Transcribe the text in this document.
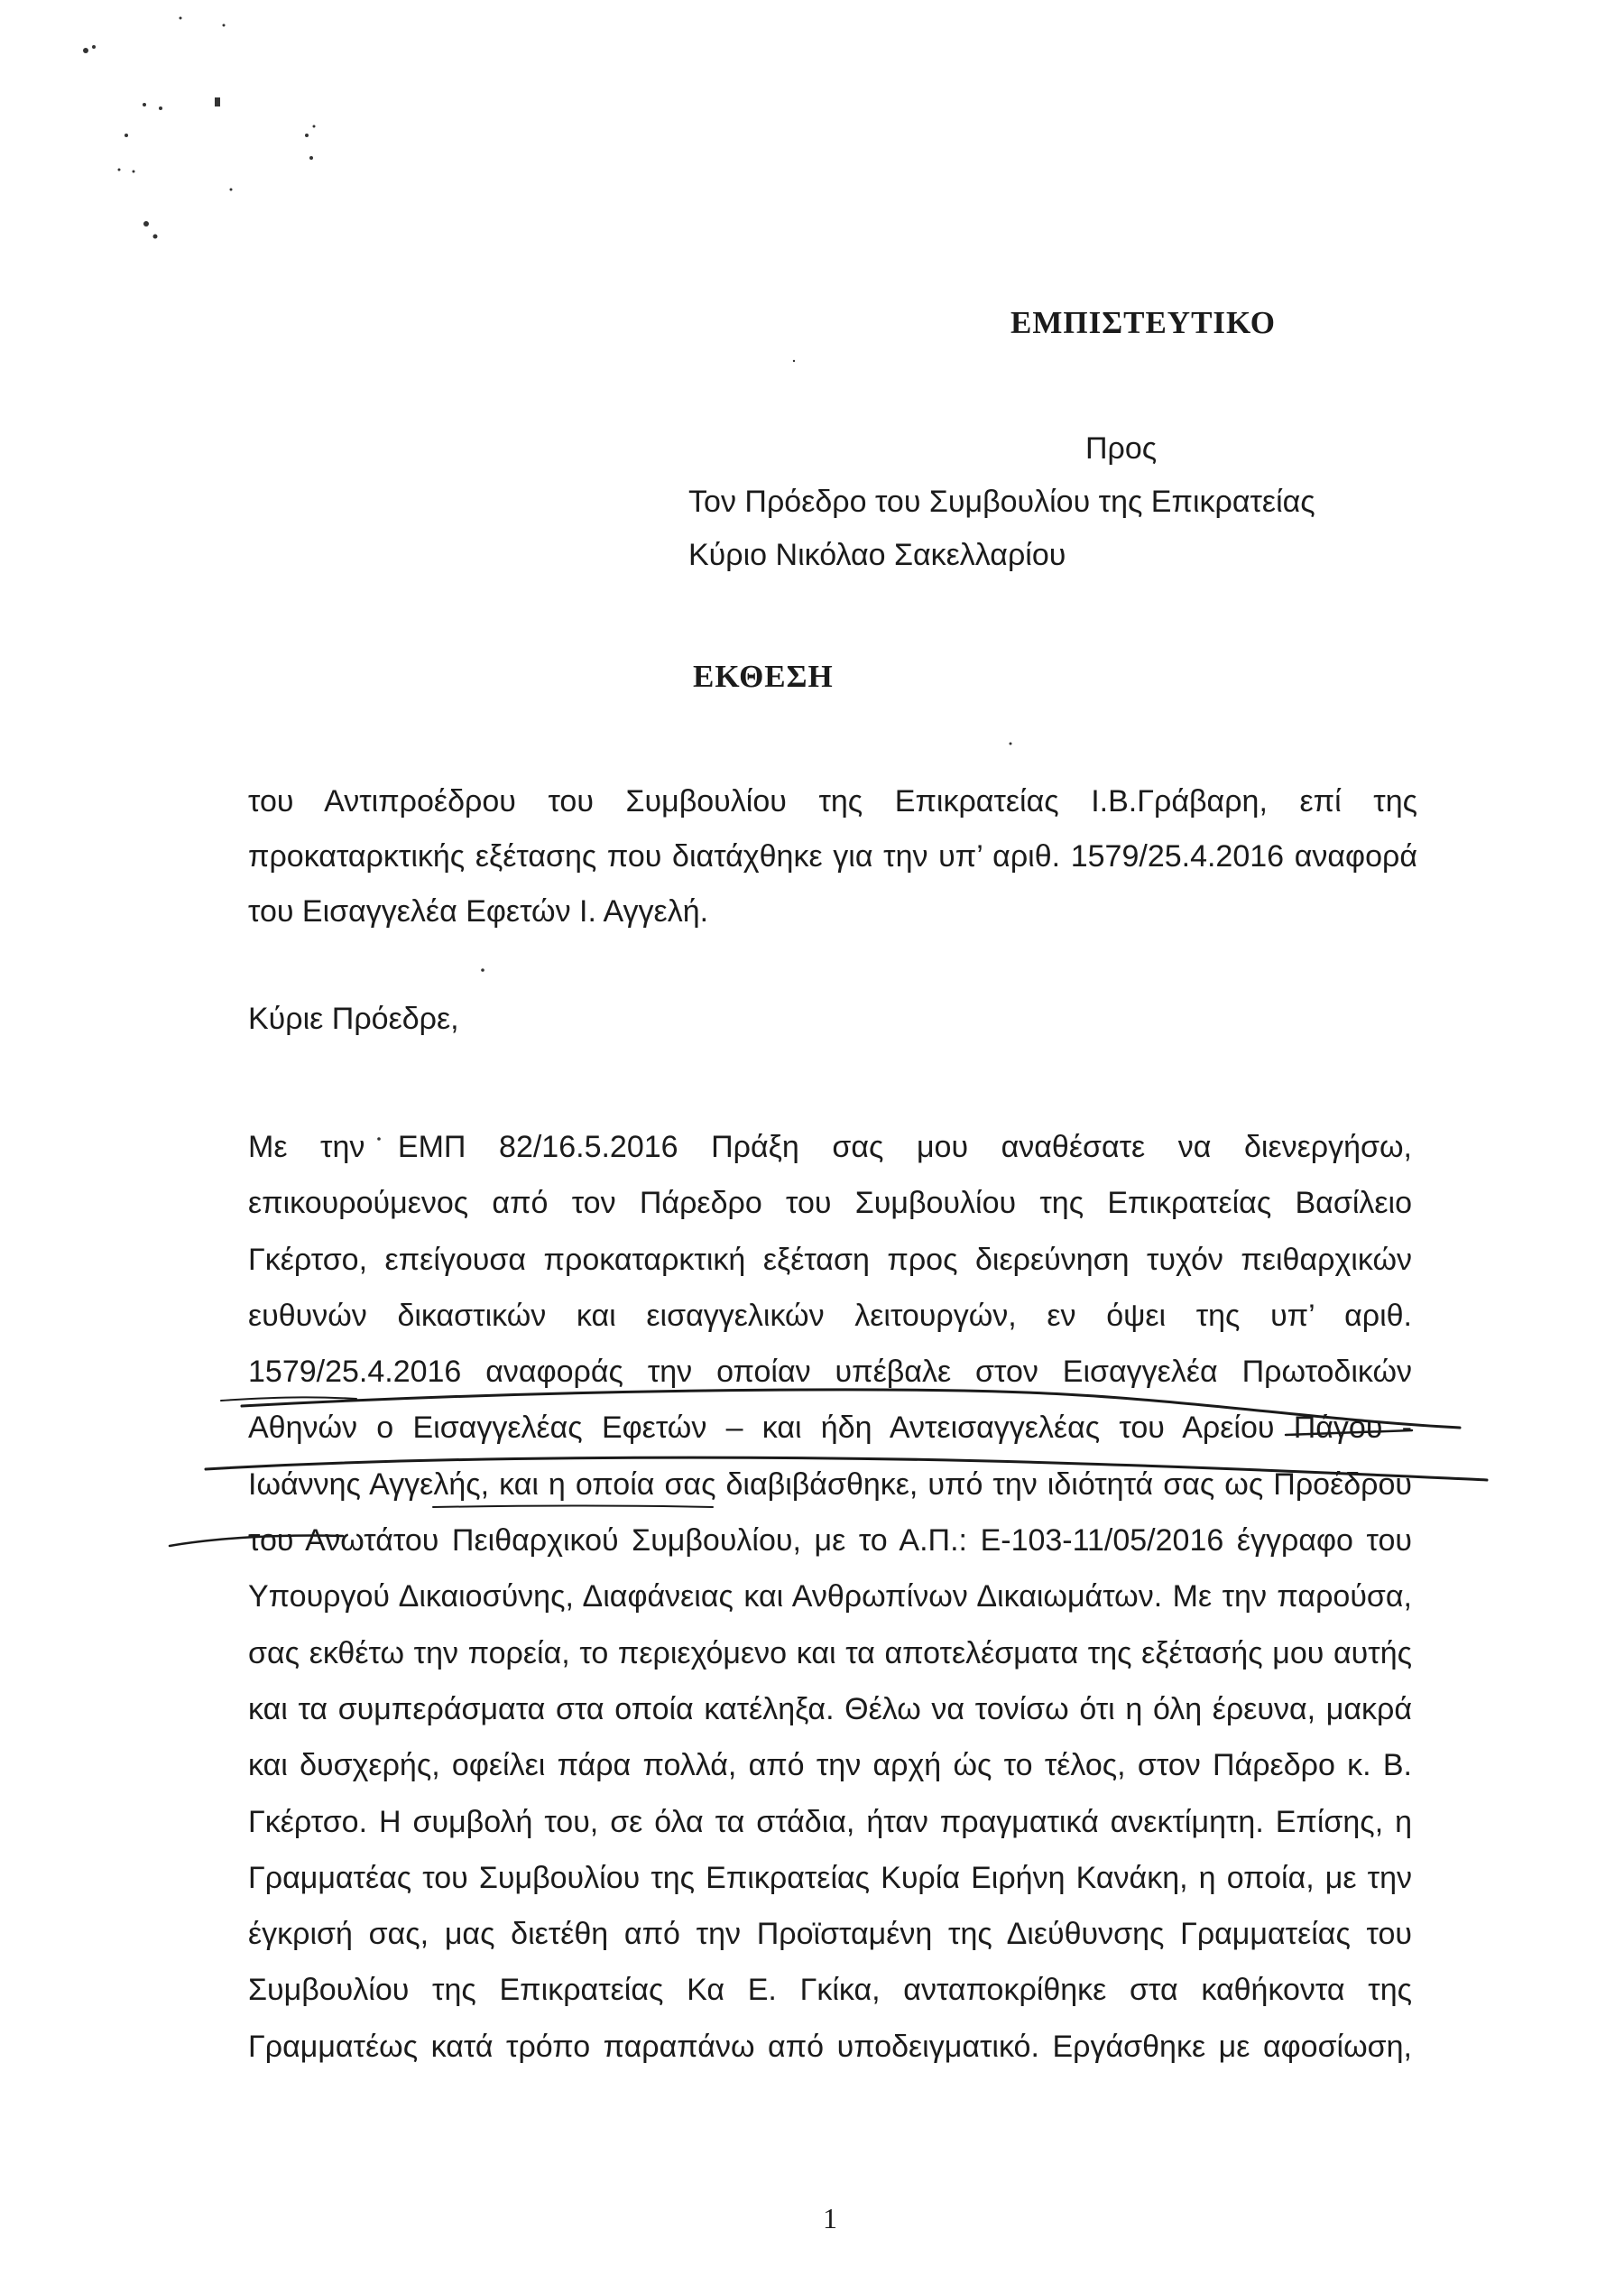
ΕΜΠΙΣΤΕΥΤΙΚΟ
Προς
Τον Πρόεδρο του Συμβουλίου της Επικρατείας
Κύριο Νικόλαο Σακελλαρίου
ΕΚΘΕΣΗ
του Αντιπροέδρου του Συμβουλίου της Επικρατείας Ι.Β.Γράβαρη, επί της προκαταρκτικής εξέτασης που διατάχθηκε για την υπ’ αριθ. 1579/25.4.2016 αναφορά του Εισαγγελέα Εφετών Ι. Αγγελή.
Κύριε Πρόεδρε,
Με την ΕΜΠ 82/16.5.2016 Πράξη σας μου αναθέσατε να διενεργήσω,
επικουρούμενος από τον Πάρεδρο του Συμβουλίου της Επικρατείας Βασίλειο
Γκέρτσο, επείγουσα προκαταρκτική εξέταση προς διερεύνηση τυχόν πειθαρχικών
ευθυνών δικαστικών και εισαγγελικών λειτουργών, εν όψει της υπ’ αριθ.
1579/25.4.2016 αναφοράς την οποίαν υπέβαλε στον Εισαγγελέα Πρωτοδικών
Αθηνών ο Εισαγγελέας Εφετών – και ήδη Αντεισαγγελέας του Αρείου Πάγου -
Ιωάννης Αγγελής, και η οποία σας διαβιβάσθηκε, υπό την ιδιότητά σας ως Προέδρου
του Ανωτάτου Πειθαρχικού Συμβουλίου, με το Α.Π.: Ε-103-11/05/2016 έγγραφο του
Υπουργού Δικαιοσύνης, Διαφάνειας και Ανθρωπίνων Δικαιωμάτων. Με την παρούσα,
σας εκθέτω την πορεία, το περιεχόμενο και τα αποτελέσματα της εξέτασής μου αυτής
και τα συμπεράσματα στα οποία κατέληξα. Θέλω να τονίσω ότι η όλη έρευνα, μακρά
και δυσχερής, οφείλει πάρα πολλά, από την αρχή ώς το τέλος, στον Πάρεδρο κ. Β.
Γκέρτσο. Η συμβολή του, σε όλα τα στάδια, ήταν πραγματικά ανεκτίμητη. Επίσης, η
Γραμματέας του Συμβουλίου της Επικρατείας Κυρία Ειρήνη Κανάκη, η οποία, με την
έγκρισή σας, μας διετέθη από την Προϊσταμένη της Διεύθυνσης Γραμματείας του
Συμβουλίου της Επικρατείας Κα Ε. Γκίκα, ανταποκρίθηκε στα καθήκοντα της
Γραμματέως κατά τρόπο παραπάνω από υποδειγματικό. Εργάσθηκε με αφοσίωση,
1
